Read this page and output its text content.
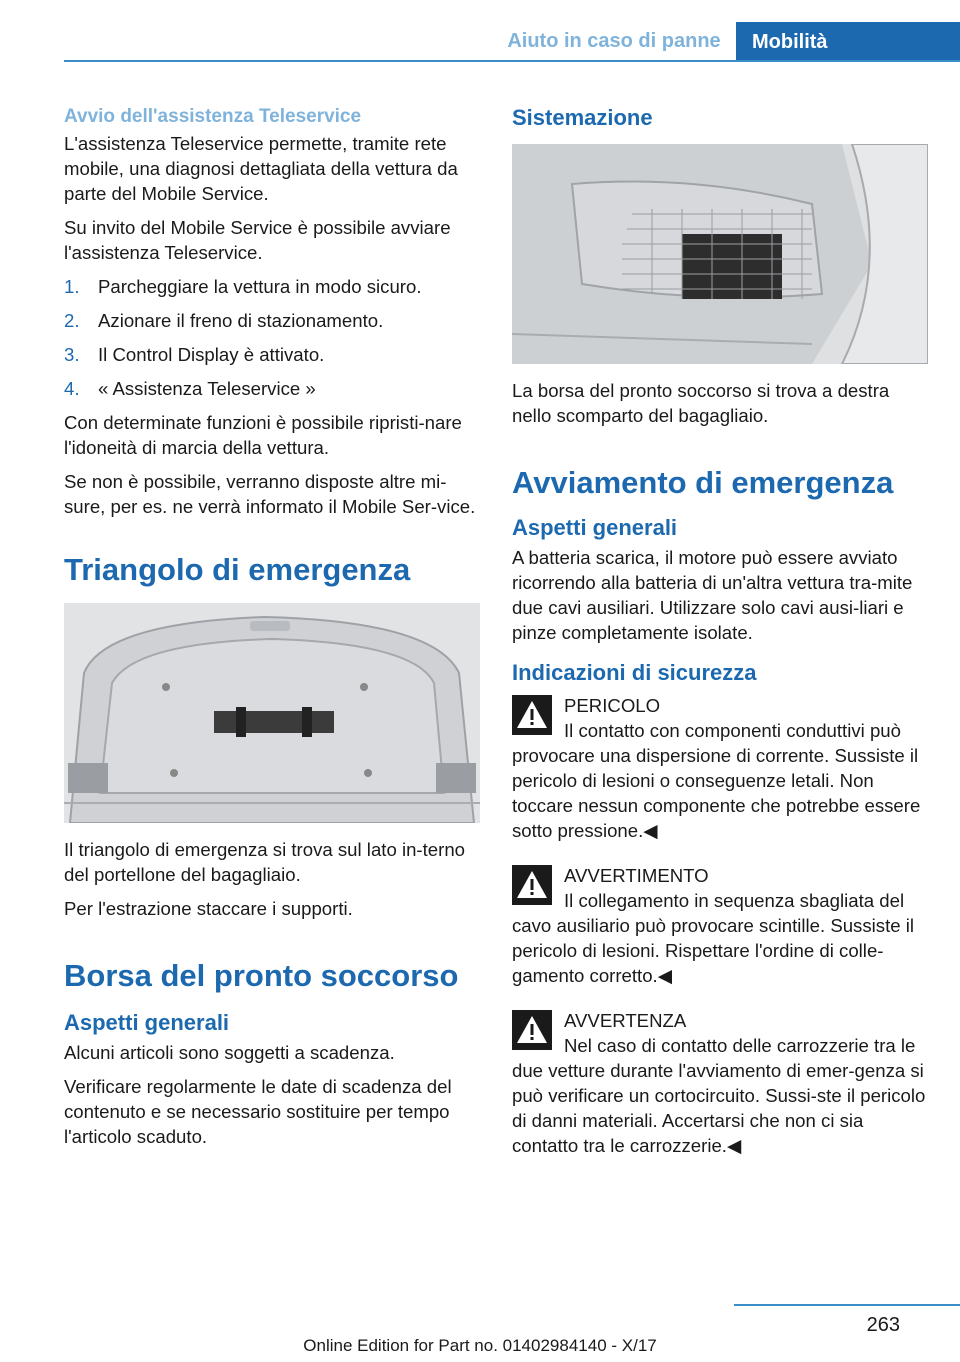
Aiuto in caso di panne	Mobilità
Avvio dell'assistenza Teleservice

L'assistenza Teleservice permette, tramite rete mobile, una diagnosi dettagliata della vettura da parte del Mobile Service.

Su invito del Mobile Service è possibile avviare l'assistenza Teleservice.

1. Parcheggiare la vettura in modo sicuro.
2. Azionare il freno di stazionamento.
3. Il Control Display è attivato.
4. « Assistenza Teleservice »

Con determinate funzioni è possibile ripristi‐nare l'idoneità di marcia della vettura.

Se non è possibile, verranno disposte altre mi‐sure, per es. ne verrà informato il Mobile Ser‐vice.

Triangolo di emergenza

Il triangolo di emergenza si trova sul lato in‐terno del portellone del bagagliaio.

Per l'estrazione staccare i supporti.

Borsa del pronto soccorso
Aspetti generali

Alcuni articoli sono soggetti a scadenza.

Verificare regolarmente le date di scadenza del contenuto e se necessario sostituire per tempo l'articolo scaduto.

Sistemazione

La borsa del pronto soccorso si trova a destra nello scomparto del bagagliaio.

Avviamento di emergenza
Aspetti generali

A batteria scarica, il motore può essere avviato ricorrendo alla batteria di un'altra vettura tra‐mite due cavi ausiliari. Utilizzare solo cavi ausi‐liari e pinze completamente isolate.

Indicazioni di sicurezza
PERICOLO
Il contatto con componenti conduttivi può provocare una dispersione di corrente. Sussiste il pericolo di lesioni o conseguenze letali. Non toccare nessun componente che potrebbe essere sotto pressione.◀
AVVERTIMENTO
Il collegamento in sequenza sbagliata del cavo ausiliario può provocare scintille. Sussiste il pericolo di lesioni. Rispettare l'ordine di colle‐gamento corretto.◀
AVVERTENZA
Nel caso di contatto delle carrozzerie tra le due vetture durante l'avviamento di emer‐genza si può verificare un cortocircuito. Sussi‐ste il pericolo di danni materiali. Accertarsi che non ci sia contatto tra le carrozzerie.◀
263
Online Edition for Part no. 01402984140 - X/17
